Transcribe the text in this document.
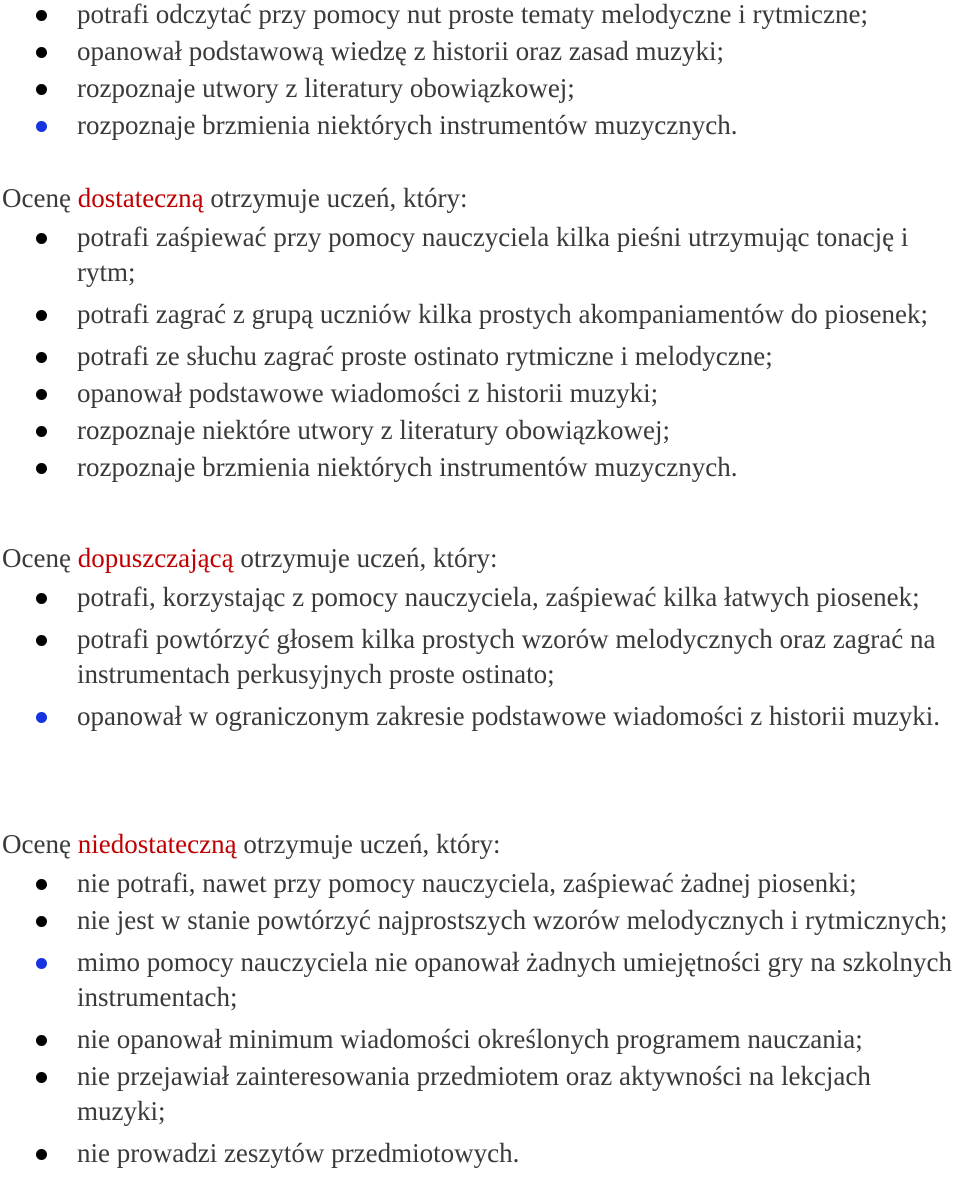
potrafi odczytać przy pomocy nut proste tematy melodyczne i rytmiczne;
opanował podstawową wiedzę z historii oraz zasad muzyki;
rozpoznaje utwory z literatury obowiązkowej;
rozpoznaje brzmienia niektórych instrumentów muzycznych.
Ocenę dostateczną otrzymuje uczeń, który:
potrafi zaśpiewać przy pomocy nauczyciela kilka pieśni utrzymując tonację i rytm;
potrafi zagrać z grupą uczniów kilka prostych akompaniamentów do piosenek;
potrafi ze słuchu zagrać proste ostinato rytmiczne i melodyczne;
opanował podstawowe wiadomości z historii muzyki;
rozpoznaje niektóre utwory z literatury obowiązkowej;
rozpoznaje brzmienia niektórych instrumentów muzycznych.
Ocenę dopuszczającą otrzymuje uczeń, który:
potrafi, korzystając z pomocy nauczyciela, zaśpiewać kilka łatwych piosenek;
potrafi powtórzyć głosem kilka prostych wzorów melodycznych oraz zagrać na instrumentach perkusyjnych proste ostinato;
opanował w ograniczonym zakresie podstawowe wiadomości z historii muzyki.
Ocenę niedostateczną otrzymuje uczeń, który:
nie potrafi, nawet przy pomocy nauczyciela, zaśpiewać żadnej piosenki;
nie jest w stanie powtórzyć najprostszych wzorów melodycznych i rytmicznych;
mimo pomocy nauczyciela nie opanował żadnych umiejętności gry na szkolnych instrumentach;
nie opanował minimum wiadomości określonych programem nauczania;
nie przejawiał zainteresowania przedmiotem oraz aktywności na lekcjach muzyki;
nie prowadzi zeszytów przedmiotowych.
